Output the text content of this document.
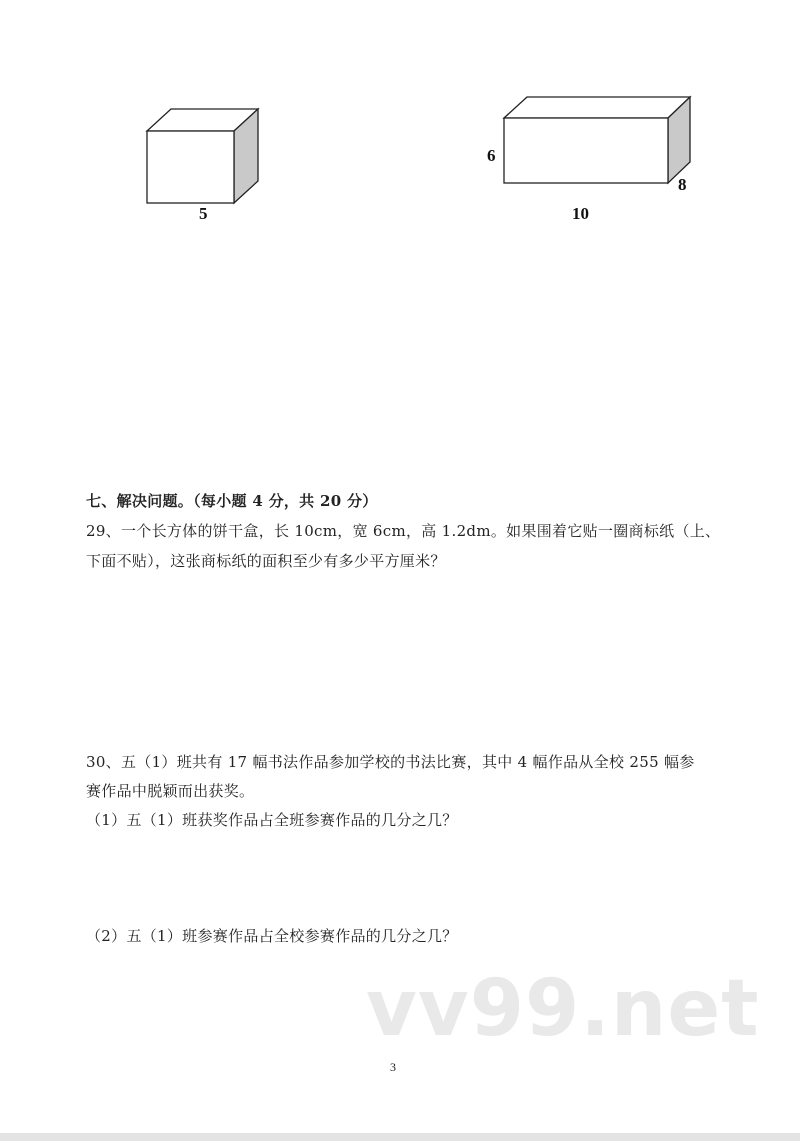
5
6
8
10
七、解决问题。（每小题 4 分，共 20 分）
29、一个长方体的饼干盒，长 10cm，宽 6cm，高 1.2dm。如果围着它贴一圈商标纸（上、
下面不贴），这张商标纸的面积至少有多少平方厘米？
30、五（1）班共有 17 幅书法作品参加学校的书法比赛，其中 4 幅作品从全校 255 幅参
赛作品中脱颖而出获奖。
（1）五（1）班获奖作品占全班参赛作品的几分之几？
（2）五（1）班参赛作品占全校参赛作品的几分之几？
vv99.net
3
